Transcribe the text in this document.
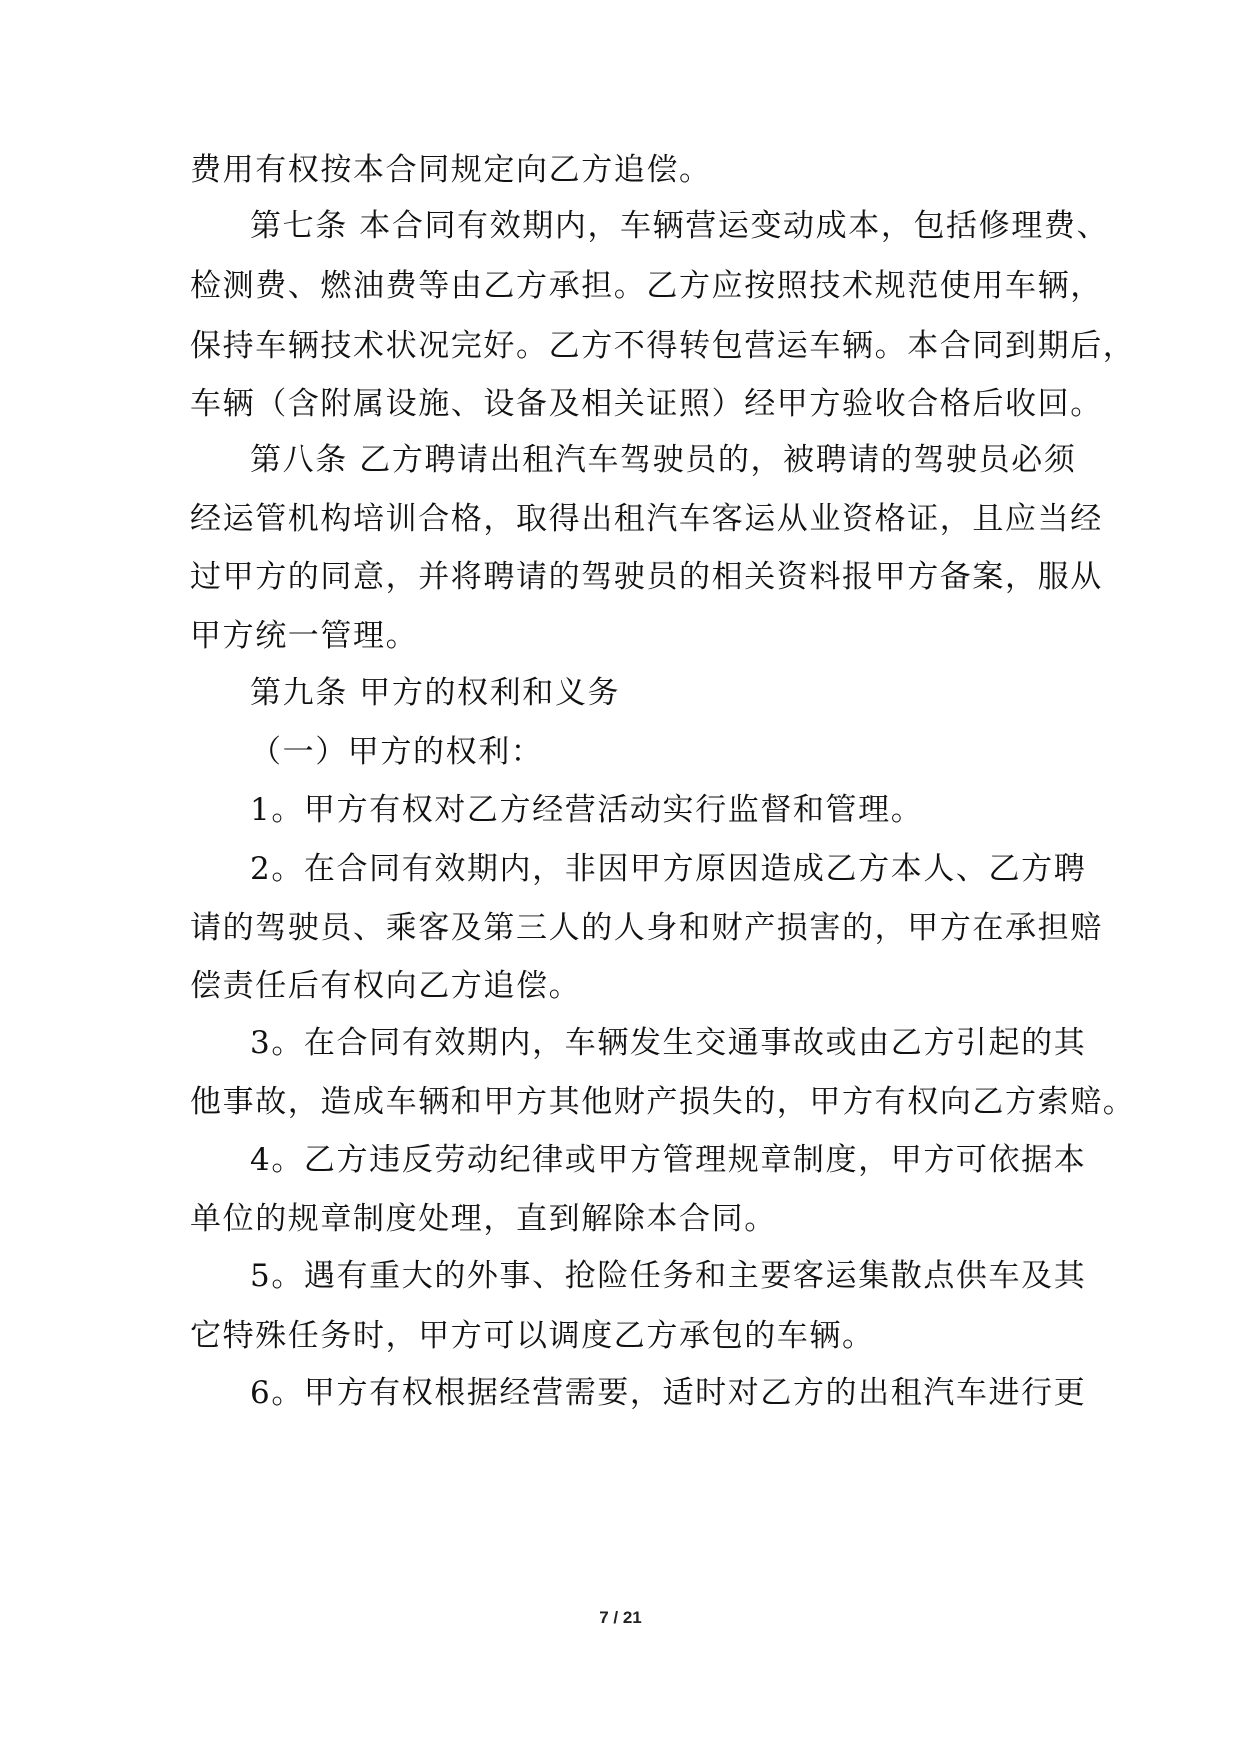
费用有权按本合同规定向乙方追偿。
第七条 本合同有效期内，车辆营运变动成本，包括修理费、
检测费、燃油费等由乙方承担。乙方应按照技术规范使用车辆，
保持车辆技术状况完好。乙方不得转包营运车辆。本合同到期后，
车辆（含附属设施、设备及相关证照）经甲方验收合格后收回。
第八条 乙方聘请出租汽车驾驶员的，被聘请的驾驶员必须
经运管机构培训合格，取得出租汽车客运从业资格证，且应当经
过甲方的同意，并将聘请的驾驶员的相关资料报甲方备案，服从
甲方统一管理。
第九条 甲方的权利和义务
（一）甲方的权利：
1。甲方有权对乙方经营活动实行监督和管理。
2。在合同有效期内，非因甲方原因造成乙方本人、乙方聘
请的驾驶员、乘客及第三人的人身和财产损害的，甲方在承担赔
偿责任后有权向乙方追偿。
3。在合同有效期内，车辆发生交通事故或由乙方引起的其
他事故，造成车辆和甲方其他财产损失的，甲方有权向乙方索赔。
4。乙方违反劳动纪律或甲方管理规章制度，甲方可依据本
单位的规章制度处理，直到解除本合同。
5。遇有重大的外事、抢险任务和主要客运集散点供车及其
它特殊任务时，甲方可以调度乙方承包的车辆。
6。甲方有权根据经营需要，适时对乙方的出租汽车进行更
7 / 21
